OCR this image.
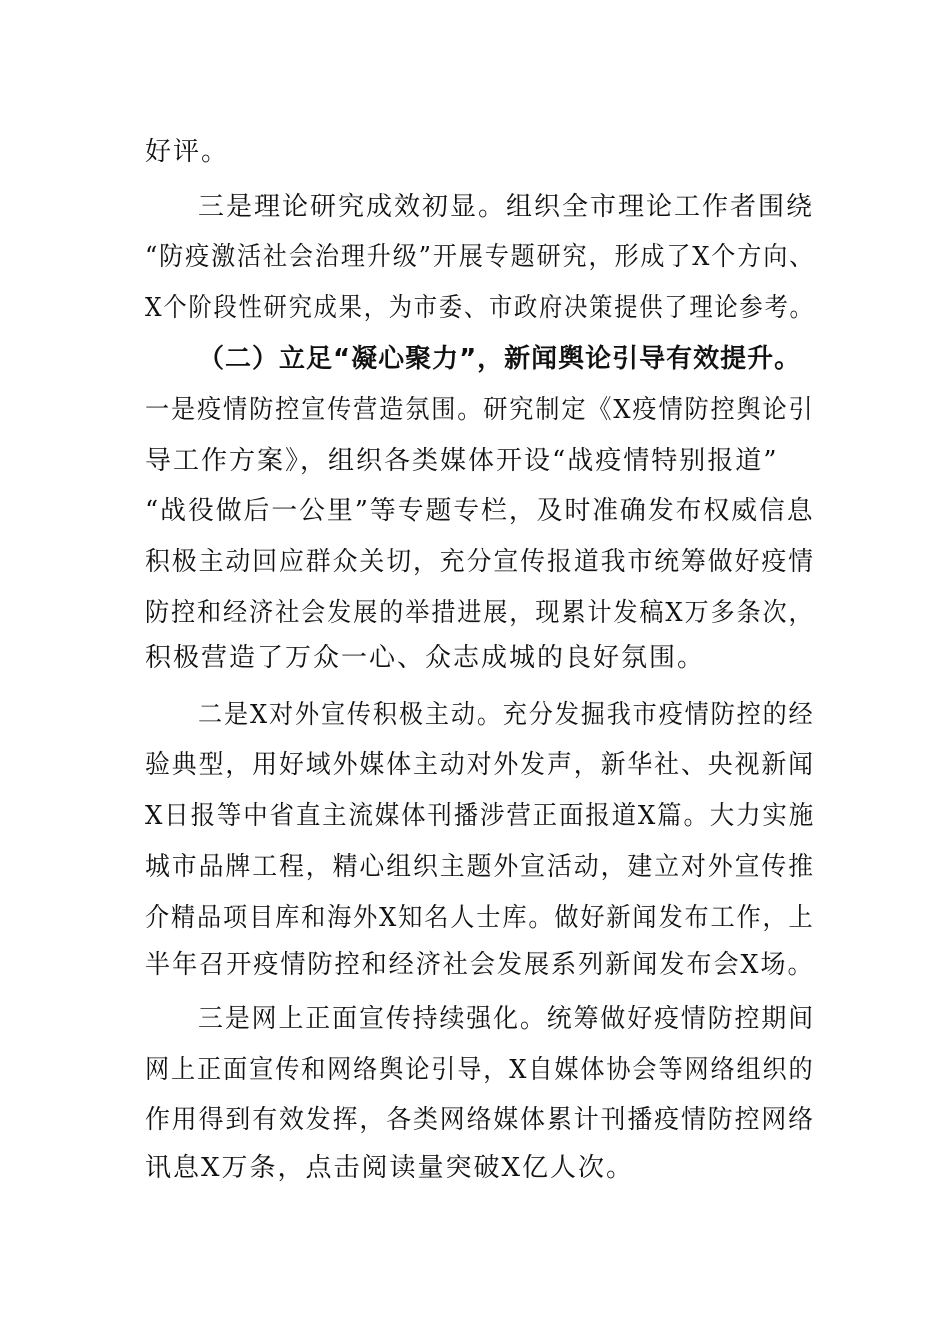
好评。
三是理论研究成效初显。组织全市理论工作者围绕
“防疫激活社会治理升级”开展专题研究，形成了X个方向、
X个阶段性研究成果，为市委、市政府决策提供了理论参考。
（二）立足“凝心聚力”，新闻舆论引导有效提升。
一是疫情防控宣传营造氛围。研究制定《X疫情防控舆论引
导工作方案》，组织各类媒体开设“战疫情特别报道”
“战役做后一公里”等专题专栏，及时准确发布权威信息
积极主动回应群众关切，充分宣传报道我市统筹做好疫情
防控和经济社会发展的举措进展，现累计发稿X万多条次，
积极营造了万众一心、众志成城的良好氛围。
二是X对外宣传积极主动。充分发掘我市疫情防控的经
验典型，用好域外媒体主动对外发声，新华社、央视新闻
X日报等中省直主流媒体刊播涉营正面报道X篇。大力实施
城市品牌工程，精心组织主题外宣活动，建立对外宣传推
介精品项目库和海外X知名人士库。做好新闻发布工作，上
半年召开疫情防控和经济社会发展系列新闻发布会X场。
三是网上正面宣传持续强化。统筹做好疫情防控期间
网上正面宣传和网络舆论引导，X自媒体协会等网络组织的
作用得到有效发挥，各类网络媒体累计刊播疫情防控网络
讯息X万条，点击阅读量突破X亿人次。
